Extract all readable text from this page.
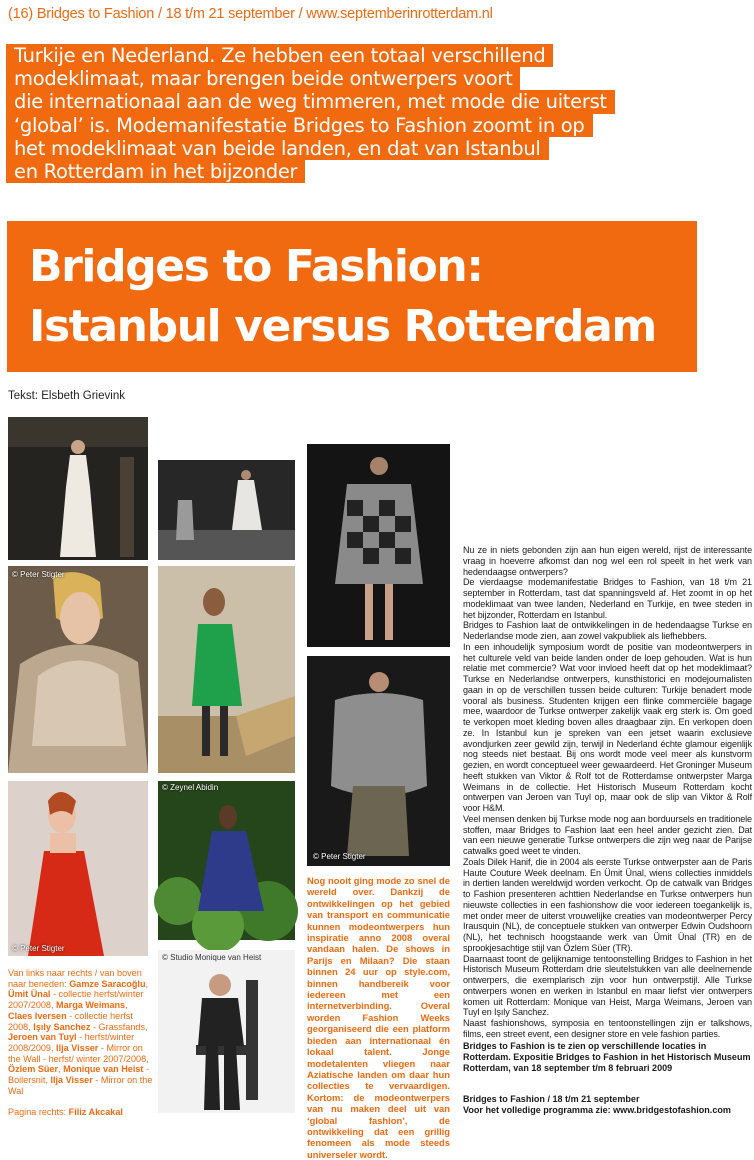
(16) Bridges to Fashion / 18 t/m 21 september / www.septemberinrotterdam.nl
Turkije en Nederland. Ze hebben een totaal verschillend
modeklimaat, maar brengen beide ontwerpers voort
die internationaal aan de weg timmeren, met mode die uiterst
‘global’ is. Modemanifestatie Bridges to Fashion zoomt in op
het modeklimaat van beide landen, en dat van Istanbul
en Rotterdam in het bijzonder
Bridges to Fashion:
Istanbul versus Rotterdam
Tekst: Elsbeth Grievink
© Peter Stigter
© Peter Stigter
© Zeynel Abidin
© Studio Monique van Heist
© Peter Stigter
Van links naar rechts / van boven naar beneden: Gamze Saracoğlu, Ümit Ünal - collectie herfst/winter 2007/2008, Marga Weimans, Claes Iversen - collectie herfst 2008, Işıly Sanchez - Grassfands, Jeroen van Tuyl - herfst/winter 2008/2009, Ilja Visser - Mirror on the Wall - herfst/ winter 2007/2008, Özlem Süer, Monique van Heist - Boilersnit, Ilja Visser - Mirror on the Wal
Pagina rechts: Filiz Akcakal
Nog nooit ging mode zo snel de wereld over. Dankzij de ontwikkelingen op het gebied van transport en communicatie kunnen modeontwerpers hun inspiratie anno 2008 overal vandaan halen. De shows in Parijs en Milaan? Die staan binnen 24 uur op style.com, binnen handbereik voor iedereen met een internetverbinding. Overal worden Fashion Weeks georganiseerd die een platform bieden aan internationaal én lokaal talent. Jonge modetalenten vliegen naar Aziatische landen om daar hun collecties te vervaardigen. Kortom: de modeontwerpers van nu maken deel uit van ‘global fashion’, de ontwikkeling dat een grillig fenomeen als mode steeds universeler wordt.

Nu ze in niets gebonden zijn aan hun eigen wereld, rijst de interessante vraag in hoeverre afkomst dan nog wel een rol speelt in het werk van hedendaagse ontwerpers?

De vierdaagse modemanifestatie Bridges to Fashion, van 18 t/m 21 september in Rotterdam, tast dat spanningsveld af. Het zoomt in op het modeklimaat van twee landen, Nederland en Turkije, en twee steden in het bijzonder, Rotterdam en Istanbul.

Bridges to Fashion laat de ontwikkelingen in de hedendaagse Turkse en Nederlandse mode zien, aan zowel vakpubliek als liefhebbers.

In een inhoudelijk symposium wordt de positie van modeontwerpers in het culturele veld van beide landen onder de loep gehouden. Wat is hun relatie met commercie? Wat voor invloed heeft dat op het modeklimaat? Turkse en Nederlandse ontwerpers, kunsthistorici en modejournalisten gaan in op de verschillen tussen beide culturen: Turkije benadert mode vooral als business. Studenten krijgen een flinke commerciële bagage mee, waardoor de Turkse ontwerper zakelijk vaak erg sterk is. Om goed te verkopen moet kleding boven alles draagbaar zijn. En verkopen doen ze. In Istanbul kun je spreken van een jetset waarin exclusieve avondjurken zeer gewild zijn, terwijl in Nederland échte glamour eigenlijk nog steeds niet bestaat. Bij ons wordt mode veel meer als kunstvorm gezien, en wordt conceptueel weer gewaardeerd. Het Groninger Museum heeft stukken van Viktor & Rolf tot de Rotterdamse ontwerpster Marga Weimans in de collectie. Het Historisch Museum Rotterdam kocht ontwerpen van Jeroen van Tuyl op, maar ook de slip van Viktor & Rolf voor H&M.

Veel mensen denken bij Turkse mode nog aan borduursels en traditionele stoffen, maar Bridges to Fashion laat een heel ander gezicht zien. Dat van een nieuwe generatie Turkse ontwerpers die zijn weg naar de Parijse catwalks goed weet te vinden.

Zoals Dilek Hanif, die in 2004 als eerste Turkse ontwerpster aan de Paris Haute Couture Week deelnam. En Ümit Ünal, wiens collecties inmiddels in dertien landen wereldwijd worden verkocht. Op de catwalk van Bridges to Fashion presenteren achttien Nederlandse en Turkse ontwerpers hun nieuwste collecties in een fashionshow die voor iedereen toegankelijk is, met onder meer de uiterst vrouwelijke creaties van modeontwerper Percy Irausquin (NL), de conceptuele stukken van ontwerper Edwin Oudshoorn (NL), het technisch hoogstaande werk van Ümit Ünal (TR) en de sprookjesachtige stijl van Özlem Süer (TR).

Daarnaast toont de gelijknamige tentoonstelling Bridges to Fashion in het Historisch Museum Rotterdam drie sleutelstukken van alle deelnemende ontwerpers, die exemplarisch zijn voor hun ontwerpstijl. Alle Turkse ontwerpers wonen en werken in Istanbul en maar liefst vier ontwerpers komen uit Rotterdam: Monique van Heist, Marga Weimans, Jeroen van Tuyl en Işıly Sanchez.

Naast fashionshows, symposia en tentoonstellingen zijn er talkshows, films, een street event, een designer store en vele fashion parties.

Bridges to Fashion is te zien op verschillende locaties in Rotterdam. Expositie Bridges to Fashion in het Historisch Museum Rotterdam, van 18 september t/m 8 februari 2009
Bridges to Fashion / 18 t/m 21 september
Voor het volledige programma zie: www.bridgestofashion.com
